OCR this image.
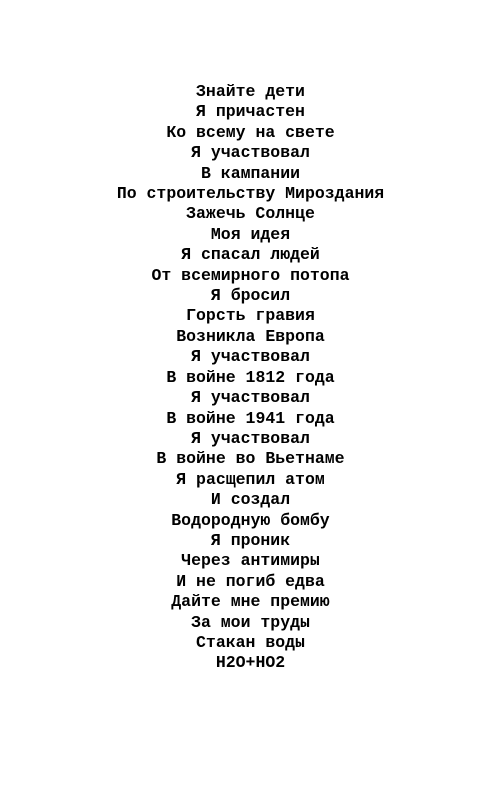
Знайте дети
Я причастен
Ко всему на свете
Я участвовал
В кампании
По строительству Мироздания
Зажечь Солнце
Моя идея
Я спасал людей
От всемирного потопа
Я бросил
Горсть гравия
Возникла Европа
Я участвовал
В войне 1812 года
Я участвовал
В войне 1941 года
Я участвовал
В войне во Вьетнаме
Я расщепил атом
И создал
Водородную бомбу
Я проник
Через антимиры
И не погиб едва
Дайте мне премию
За мои труды
Стакан воды
H2O+HO2
